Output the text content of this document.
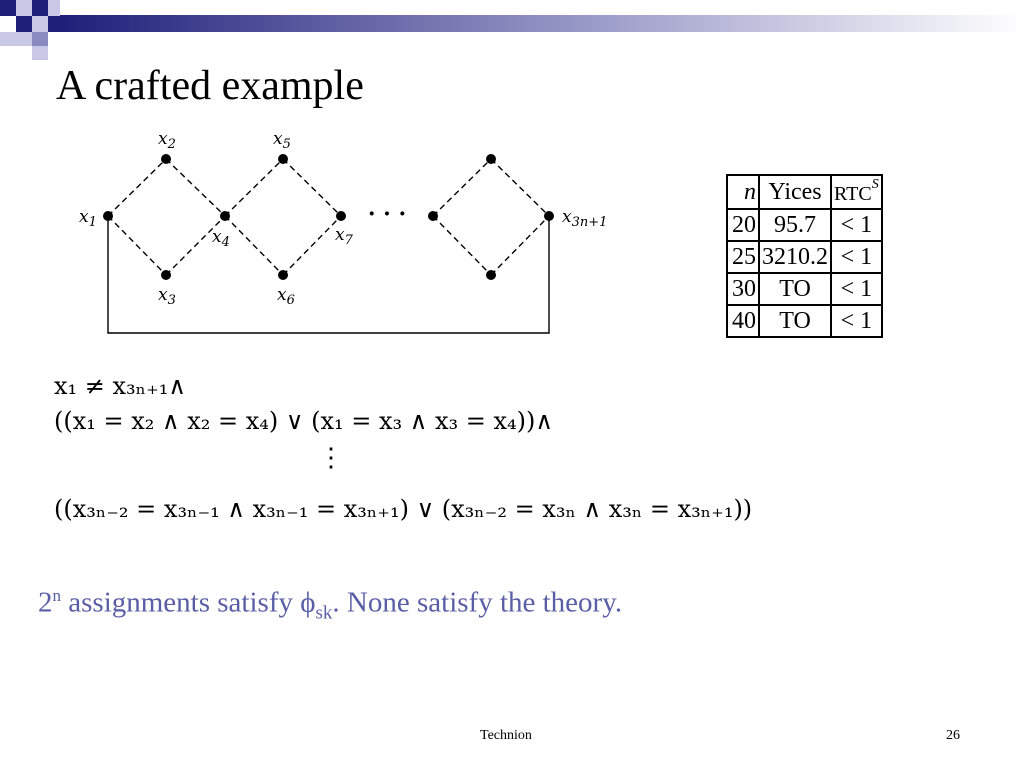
A crafted example
· · ·
$x_1$
$x_2$
$x_3$
$x_4$
$x_5$
$x_6$
$x_7$
$x_{3n+1}$
n	Yices	$RTC^S$
20	95.7	< 1
25	3210.2	< 1
30	TO	< 1
40	TO	< 1
x₁ ≠ x₃ₙ₊₁∧
((x₁ = x₂ ∧ x₂ = x₄) ∨ (x₁ = x₃ ∧ x₃ = x₄))∧
⋮
((x₃ₙ₋₂ = x₃ₙ₋₁ ∧ x₃ₙ₋₁ = x₃ₙ₊₁) ∨ (x₃ₙ₋₂ = x₃ₙ ∧ x₃ₙ = x₃ₙ₊₁))
2$^n$ assignments satisfy $\phi_{sk}$. None satisfy the theory.
Technion	26
